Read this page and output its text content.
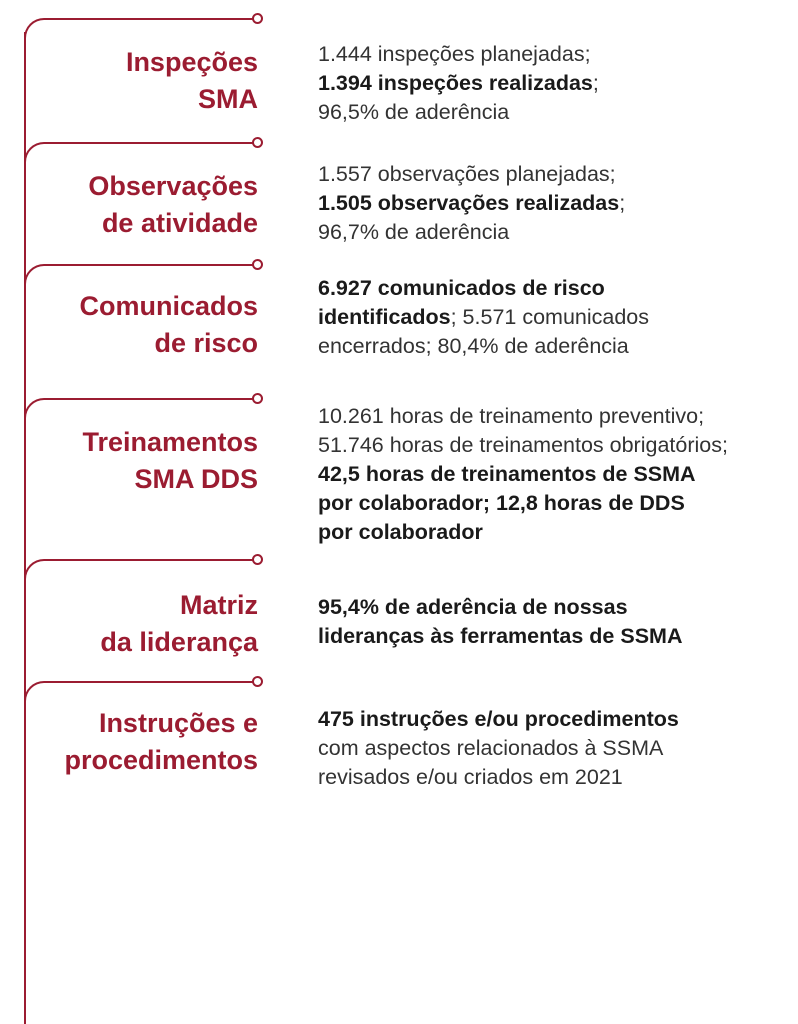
Inspeções
SMA
1.444 inspeções planejadas;
1.394 inspeções realizadas;
96,5% de aderência
Observações
de atividade
1.557 observações planejadas;
1.505 observações realizadas;
96,7% de aderência
Comunicados
de risco
6.927 comunicados de risco
identificados; 5.571 comunicados
encerrados; 80,4% de aderência
Treinamentos
SMA DDS
10.261 horas de treinamento preventivo;
51.746 horas de treinamentos obrigatórios;
42,5 horas de treinamentos de SSMA
por colaborador; 12,8 horas de DDS
por colaborador
Matriz
da liderança
95,4% de aderência de nossas
lideranças às ferramentas de SSMA
Instruções e
procedimentos
475 instruções e/ou procedimentos
com aspectos relacionados à SSMA
revisados e/ou criados em 2021
